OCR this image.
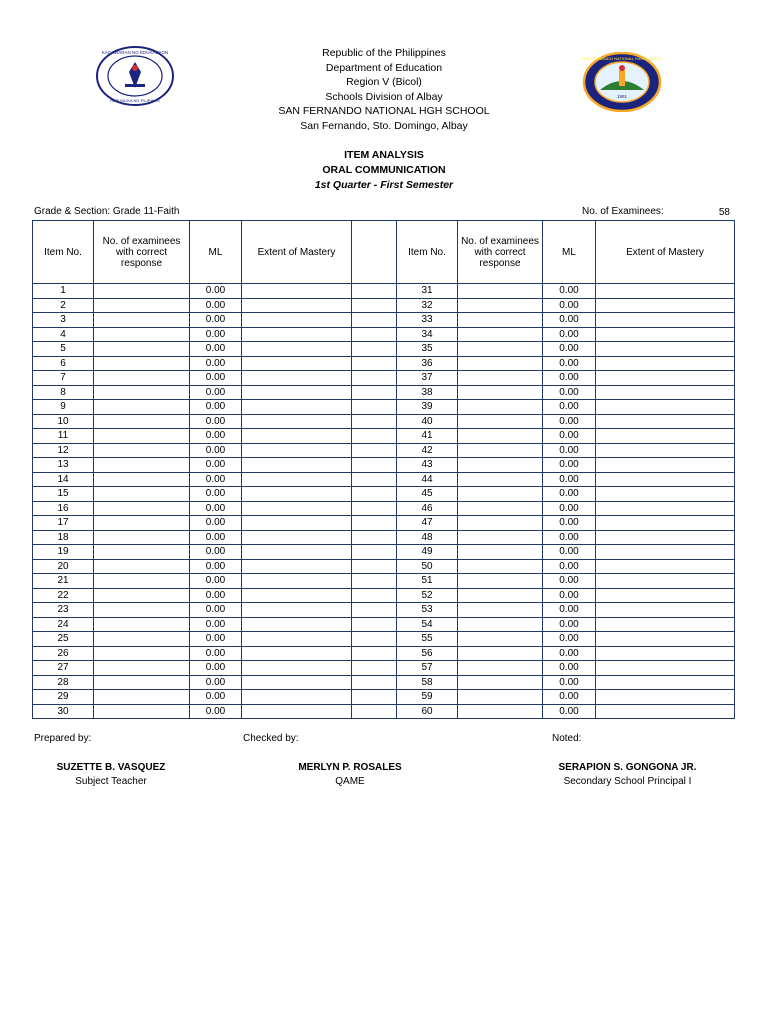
KAGAWARAN NG EDUKASYON
REPUBLIKA NG PILIPINAS
SAN FERNANDO NATIONAL HIGH SCHOOL
1991
Republic of the Philippines
Department of Education
Region V (Bicol)
Schools Division of Albay
SAN FERNANDO NATIONAL HGH SCHOOL
San Fernando, Sto. Domingo, Albay
ITEM ANALYSIS
ORAL COMMUNICATION
1st Quarter - First Semester
Grade & Section: Grade 11-Faith	No. of Examinees:	58
Item No.	No. of examinees with correct response	ML	Extent of Mastery		Item No.	No. of examinees with correct response	ML	Extent of Mastery
1		0.00			31		0.00	
2		0.00			32		0.00	
3		0.00			33		0.00	
4		0.00			34		0.00	
5		0.00			35		0.00	
6		0.00			36		0.00	
7		0.00			37		0.00	
8		0.00			38		0.00	
9		0.00			39		0.00	
10		0.00			40		0.00	
11		0.00			41		0.00	
12		0.00			42		0.00	
13		0.00			43		0.00	
14		0.00			44		0.00	
15		0.00			45		0.00	
16		0.00			46		0.00	
17		0.00			47		0.00	
18		0.00			48		0.00	
19		0.00			49		0.00	
20		0.00			50		0.00	
21		0.00			51		0.00	
22		0.00			52		0.00	
23		0.00			53		0.00	
24		0.00			54		0.00	
25		0.00			55		0.00	
26		0.00			56		0.00	
27		0.00			57		0.00	
28		0.00			58		0.00	
29		0.00			59		0.00	
30		0.00			60		0.00	
Prepared by:	Checked by:	Noted:
SUZETTE B. VASQUEZ
Subject Teacher
MERLYN P. ROSALES
QAME
SERAPION S. GONGONA JR.
Secondary School Principal I
